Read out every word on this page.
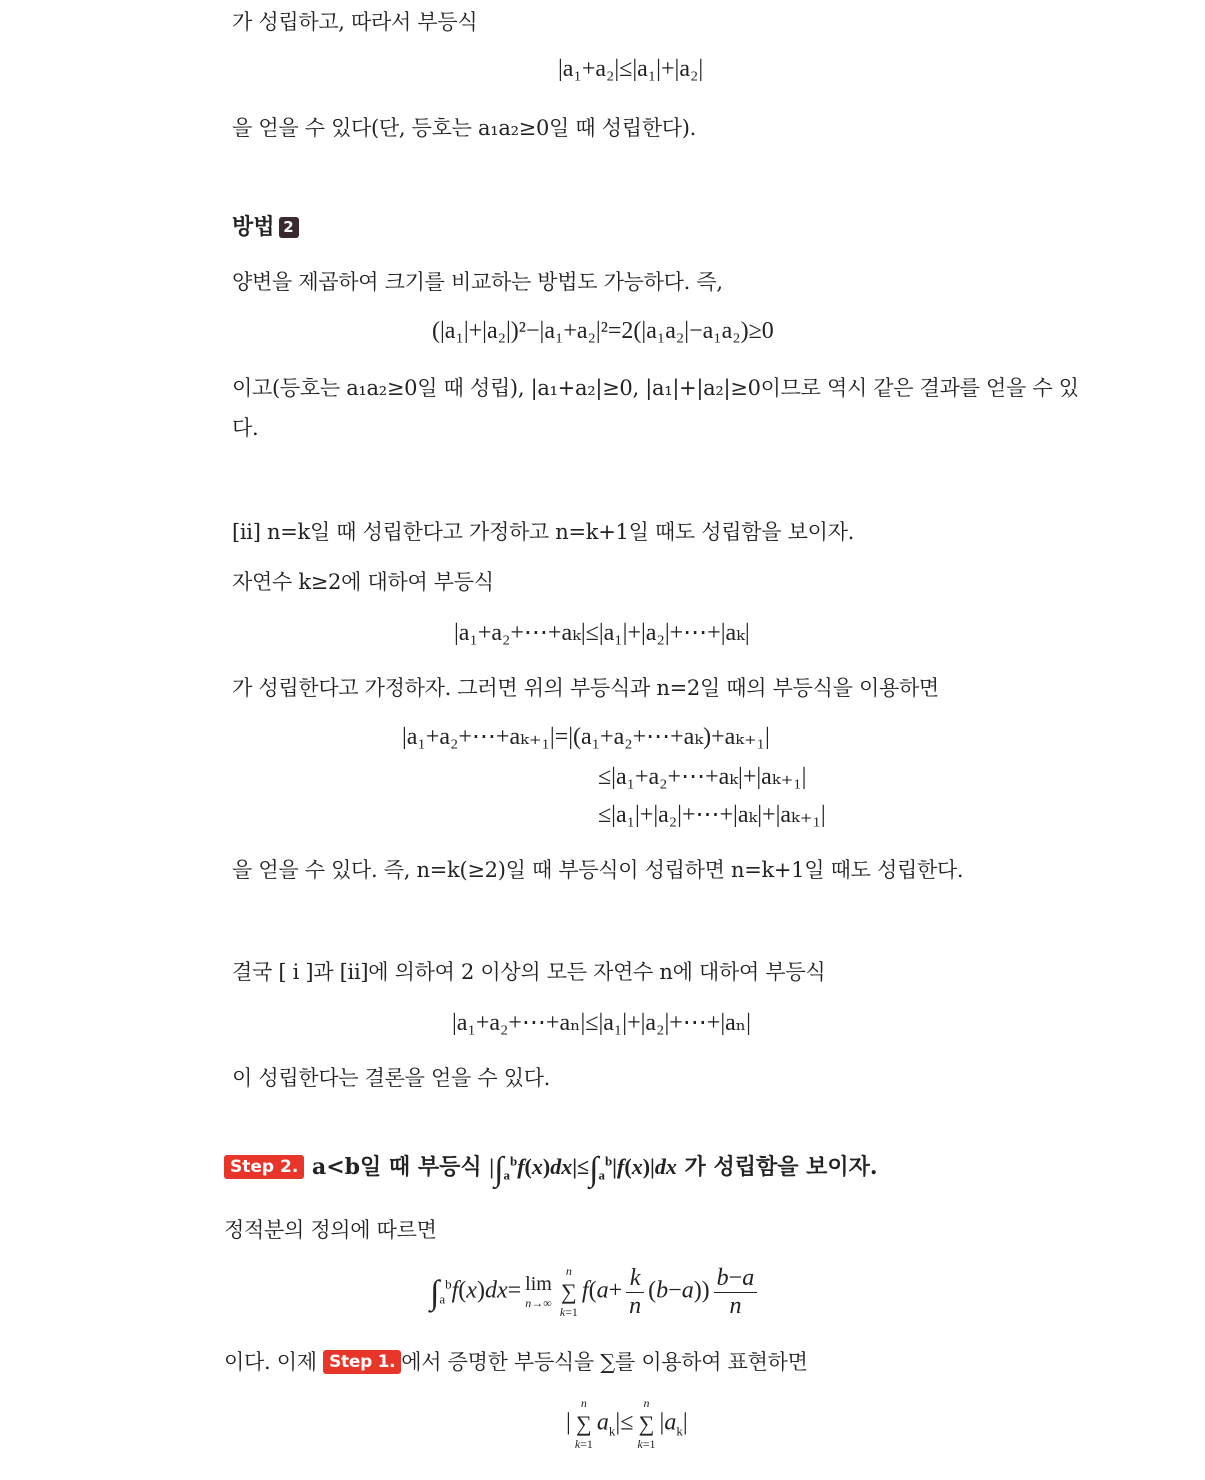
가 성립하고, 따라서 부등식
|a₁+a₂|≤|a₁|+|a₂|
을 얻을 수 있다(단, 등호는 a₁a₂≥0일 때 성립한다).
방법 2
양변을 제곱하여 크기를 비교하는 방법도 가능하다. 즉,
(|a₁|+|a₂|)²−|a₁+a₂|²=2(|a₁a₂|−a₁a₂)≥0
이고(등호는 a₁a₂≥0일 때 성립), |a₁+a₂|≥0, |a₁|+|a₂|≥0이므로 역시 같은 결과를 얻을 수 있
다.
[ii] n=k일 때 성립한다고 가정하고 n=k+1일 때도 성립함을 보이자.
자연수 k≥2에 대하여 부등식
|a₁+a₂+⋯+aₖ|≤|a₁|+|a₂|+⋯+|aₖ|
가 성립한다고 가정하자. 그러면 위의 부등식과 n=2일 때의 부등식을 이용하면
|a₁+a₂+⋯+aₖ₊₁|=|(a₁+a₂+⋯+aₖ)+aₖ₊₁|
≤|a₁+a₂+⋯+aₖ|+|aₖ₊₁|
≤|a₁|+|a₂|+⋯+|aₖ|+|aₖ₊₁|
을 얻을 수 있다. 즉, n=k(≥2)일 때 부등식이 성립하면 n=k+1일 때도 성립한다.
결국 [ i ]과 [ii]에 의하여 2 이상의 모든 자연수 n에 대하여 부등식
|a₁+a₂+⋯+aₙ|≤|a₁|+|a₂|+⋯+|aₙ|
이 성립한다는 결론을 얻을 수 있다.
Step 2. a<b일 때 부등식 $|\int_a^bf(x)dx|\le\int_a^b|f(x)|dx$ 가 성립함을 보이자.
정적분의 정의에 따르면
$\int_a^bf(x)dx= \lim$
n→∞
n
∑
k=1
$f(a+ \frac{k}{n} (b-a)) \frac{b-a}{n}$
이다. 이제 Step 1. 에서 증명한 부등식을 ∑를 이용하여 표현하면
|
n
∑
k=1
$a_k|\le$
n
∑
k=1
$|a_k|$
